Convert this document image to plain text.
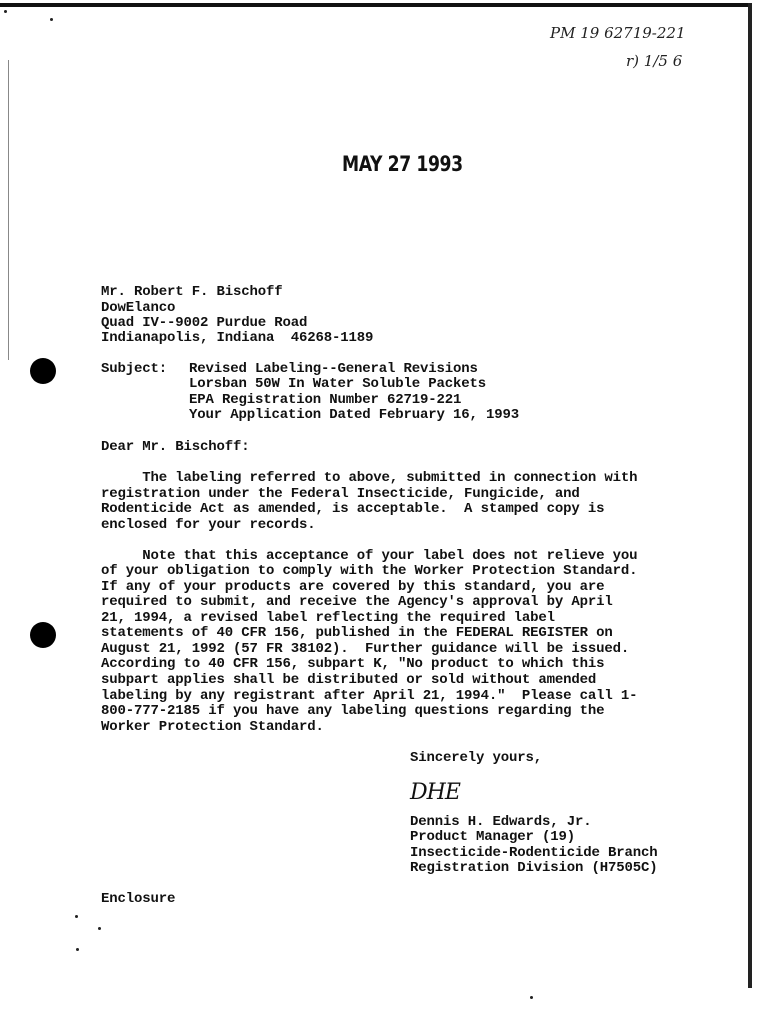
PM 19 62719-221
r) 1/5 6
MAY 27 1993
Mr. Robert F. Bischoff
DowElanco
Quad IV--9002 Purdue Road
Indianapolis, Indiana  46268-1189
Subject: Revised Labeling--General Revisions
Lorsban 50W In Water Soluble Packets
EPA Registration Number 62719-221
Your Application Dated February 16, 1993
Dear Mr. Bischoff:
The labeling referred to above, submitted in connection with
registration under the Federal Insecticide, Fungicide, and
Rodenticide Act as amended, is acceptable.  A stamped copy is
enclosed for your records.
Note that this acceptance of your label does not relieve you
of your obligation to comply with the Worker Protection Standard.
If any of your products are covered by this standard, you are
required to submit, and receive the Agency's approval by April
21, 1994, a revised label reflecting the required label
statements of 40 CFR 156, published in the FEDERAL REGISTER on
August 21, 1992 (57 FR 38102).  Further guidance will be issued.
According to 40 CFR 156, subpart K, "No product to which this
subpart applies shall be distributed or sold without amended
labeling by any registrant after April 21, 1994."  Please call 1-
800-777-2185 if you have any labeling questions regarding the
Worker Protection Standard.
Sincerely yours,
DHE
Dennis H. Edwards, Jr.
Product Manager (19)
Insecticide-Rodenticide Branch
Registration Division (H7505C)
Enclosure
